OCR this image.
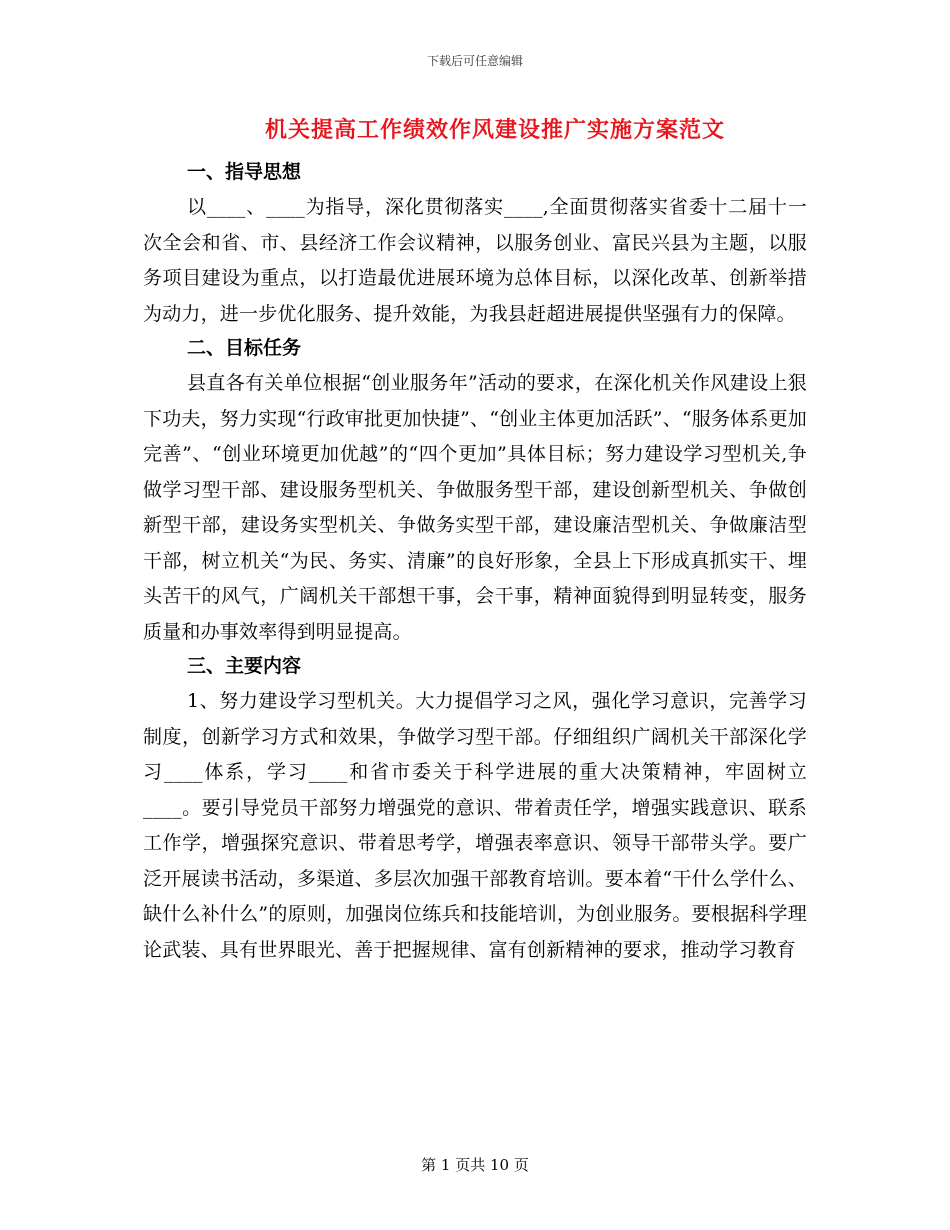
下载后可任意编辑
机关提高工作绩效作风建设推广实施方案范文

一、指导思想

以____、____为指导，深化贯彻落实____,全面贯彻落实省委十二届十一次全会和省、市、县经济工作会议精神，以服务创业、富民兴县为主题，以服务项目建设为重点，以打造最优进展环境为总体目标，以深化改革、创新举措为动力，进一步优化服务、提升效能，为我县赶超进展提供坚强有力的保障。

二、目标任务

县直各有关单位根据“创业服务年”活动的要求，在深化机关作风建设上狠下功夫，努力实现“行政审批更加快捷”、“创业主体更加活跃”、“服务体系更加完善”、“创业环境更加优越”的“四个更加”具体目标；努力建设学习型机关,争做学习型干部、建设服务型机关、争做服务型干部，建设创新型机关、争做创新型干部，建设务实型机关、争做务实型干部，建设廉洁型机关、争做廉洁型干部，树立机关“为民、务实、清廉”的良好形象，全县上下形成真抓实干、埋头苦干的风气，广阔机关干部想干事，会干事，精神面貌得到明显转变，服务质量和办事效率得到明显提高。

三、主要内容

1、努力建设学习型机关。大力提倡学习之风，强化学习意识，完善学习制度，创新学习方式和效果，争做学习型干部。仔细组织广阔机关干部深化学习____体系，学习____和省市委关于科学进展的重大决策精神，牢固树立____。要引导党员干部努力增强党的意识、带着责任学，增强实践意识、联系工作学，增强探究意识、带着思考学，增强表率意识、领导干部带头学。要广泛开展读书活动，多渠道、多层次加强干部教育培训。要本着“干什么学什么、缺什么补什么”的原则，加强岗位练兵和技能培训，为创业服务。要根据科学理论武装、具有世界眼光、善于把握规律、富有创新精神的要求，推动学习教育

第 1 页共 10 页
